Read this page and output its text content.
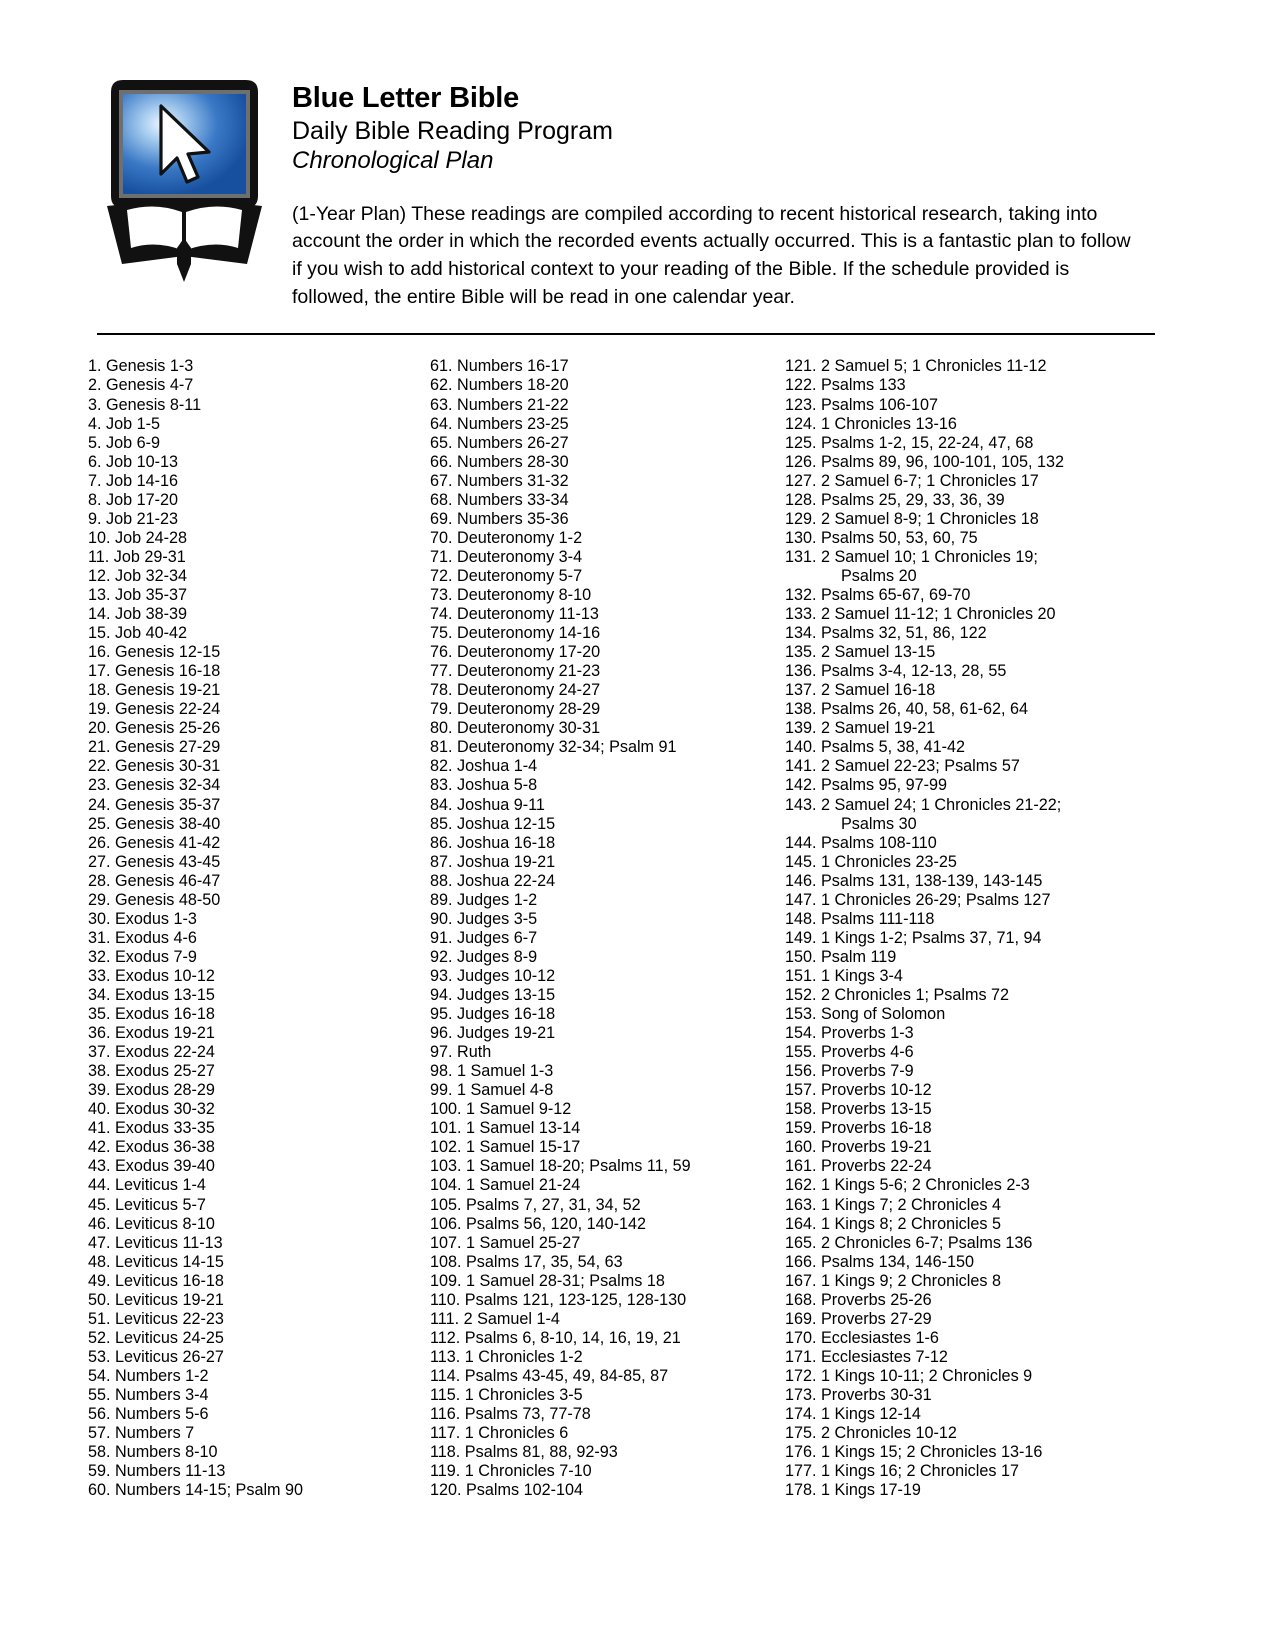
Blue Letter Bible
Daily Bible Reading Program
Chronological Plan

(1-Year Plan) These readings are compiled according to recent historical research, taking into account the order in which the recorded events actually occurred. This is a fantastic plan to follow if you wish to add historical context to your reading of the Bible. If the schedule provided is followed, the entire Bible will be read in one calendar year.

1. Genesis 1-3
2. Genesis 4-7
3. Genesis 8-11
4. Job 1-5
5. Job 6-9
6. Job 10-13
7. Job 14-16
8. Job 17-20
9. Job 21-23
10. Job 24-28
11. Job 29-31
12. Job 32-34
13. Job 35-37
14. Job 38-39
15. Job 40-42
16. Genesis 12-15
17. Genesis 16-18
18. Genesis 19-21
19. Genesis 22-24
20. Genesis 25-26
21. Genesis 27-29
22. Genesis 30-31
23. Genesis 32-34
24. Genesis 35-37
25. Genesis 38-40
26. Genesis 41-42
27. Genesis 43-45
28. Genesis 46-47
29. Genesis 48-50
30. Exodus 1-3
31. Exodus 4-6
32. Exodus 7-9
33. Exodus 10-12
34. Exodus 13-15
35. Exodus 16-18
36. Exodus 19-21
37. Exodus 22-24
38. Exodus 25-27
39. Exodus 28-29
40. Exodus 30-32
41. Exodus 33-35
42. Exodus 36-38
43. Exodus 39-40
44. Leviticus 1-4
45. Leviticus 5-7
46. Leviticus 8-10
47. Leviticus 11-13
48. Leviticus 14-15
49. Leviticus 16-18
50. Leviticus 19-21
51. Leviticus 22-23
52. Leviticus 24-25
53. Leviticus 26-27
54. Numbers 1-2
55. Numbers 3-4
56. Numbers 5-6
57. Numbers 7
58. Numbers 8-10
59. Numbers 11-13
60. Numbers 14-15; Psalm 90
61. Numbers 16-17
62. Numbers 18-20
63. Numbers 21-22
64. Numbers 23-25
65. Numbers 26-27
66. Numbers 28-30
67. Numbers 31-32
68. Numbers 33-34
69. Numbers 35-36
70. Deuteronomy 1-2
71. Deuteronomy 3-4
72. Deuteronomy 5-7
73. Deuteronomy 8-10
74. Deuteronomy 11-13
75. Deuteronomy 14-16
76. Deuteronomy 17-20
77. Deuteronomy 21-23
78. Deuteronomy 24-27
79. Deuteronomy 28-29
80. Deuteronomy 30-31
81. Deuteronomy 32-34; Psalm 91
82. Joshua 1-4
83. Joshua 5-8
84. Joshua 9-11
85. Joshua 12-15
86. Joshua 16-18
87. Joshua 19-21
88. Joshua 22-24
89. Judges 1-2
90. Judges 3-5
91. Judges 6-7
92. Judges 8-9
93. Judges 10-12
94. Judges 13-15
95. Judges 16-18
96. Judges 19-21
97. Ruth
98. 1 Samuel 1-3
99. 1 Samuel 4-8
100. 1 Samuel 9-12
101. 1 Samuel 13-14
102. 1 Samuel 15-17
103. 1 Samuel 18-20; Psalms 11, 59
104. 1 Samuel 21-24
105. Psalms 7, 27, 31, 34, 52
106. Psalms 56, 120, 140-142
107. 1 Samuel 25-27
108. Psalms 17, 35, 54, 63
109. 1 Samuel 28-31; Psalms 18
110. Psalms 121, 123-125, 128-130
111. 2 Samuel 1-4
112. Psalms 6, 8-10, 14, 16, 19, 21
113. 1 Chronicles 1-2
114. Psalms 43-45, 49, 84-85, 87
115. 1 Chronicles 3-5
116. Psalms 73, 77-78
117. 1 Chronicles 6
118. Psalms 81, 88, 92-93
119. 1 Chronicles 7-10
120. Psalms 102-104
121. 2 Samuel 5; 1 Chronicles 11-12
122. Psalms 133
123. Psalms 106-107
124. 1 Chronicles 13-16
125. Psalms 1-2, 15, 22-24, 47, 68
126. Psalms 89, 96, 100-101, 105, 132
127. 2 Samuel 6-7; 1 Chronicles 17
128. Psalms 25, 29, 33, 36, 39
129. 2 Samuel 8-9; 1 Chronicles 18
130. Psalms 50, 53, 60, 75
131. 2 Samuel 10; 1 Chronicles 19;
Psalms 20
132. Psalms 65-67, 69-70
133. 2 Samuel 11-12; 1 Chronicles 20
134. Psalms 32, 51, 86, 122
135. 2 Samuel 13-15
136. Psalms 3-4, 12-13, 28, 55
137. 2 Samuel 16-18
138. Psalms 26, 40, 58, 61-62, 64
139. 2 Samuel 19-21
140. Psalms 5, 38, 41-42
141. 2 Samuel 22-23; Psalms 57
142. Psalms 95, 97-99
143. 2 Samuel 24; 1 Chronicles 21-22;
Psalms 30
144. Psalms 108-110
145. 1 Chronicles 23-25
146. Psalms 131, 138-139, 143-145
147. 1 Chronicles 26-29; Psalms 127
148. Psalms 111-118
149. 1 Kings 1-2; Psalms 37, 71, 94
150. Psalm 119
151. 1 Kings 3-4
152. 2 Chronicles 1; Psalms 72
153. Song of Solomon
154. Proverbs 1-3
155. Proverbs 4-6
156. Proverbs 7-9
157. Proverbs 10-12
158. Proverbs 13-15
159. Proverbs 16-18
160. Proverbs 19-21
161. Proverbs 22-24
162. 1 Kings 5-6; 2 Chronicles 2-3
163. 1 Kings 7; 2 Chronicles 4
164. 1 Kings 8; 2 Chronicles 5
165. 2 Chronicles 6-7; Psalms 136
166. Psalms 134, 146-150
167. 1 Kings 9; 2 Chronicles 8
168. Proverbs 25-26
169. Proverbs 27-29
170. Ecclesiastes 1-6
171. Ecclesiastes 7-12
172. 1 Kings 10-11; 2 Chronicles 9
173. Proverbs 30-31
174. 1 Kings 12-14
175. 2 Chronicles 10-12
176. 1 Kings 15; 2 Chronicles 13-16
177. 1 Kings 16; 2 Chronicles 17
178. 1 Kings 17-19
